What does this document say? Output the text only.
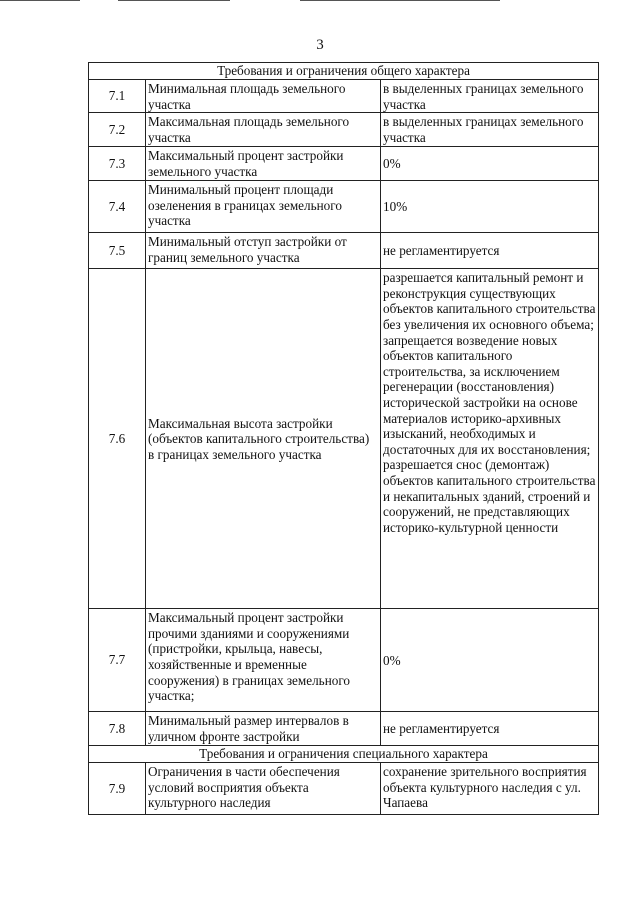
3
Требования и ограничения общего характера		
7.1	Минимальная площадь земельного участка	в выделенных границах земельного участка
7.2	Максимальная площадь земельного участка	в выделенных границах земельного участка
7.3	Максимальный процент застройки земельного участка	0%
7.4	Минимальный процент площади озеленения в границах земельного участка	10%
7.5	Минимальный отступ застройки от границ земельного участка	не регламентируется
7.6	Максимальная высота застройки (объектов капитального строительства) в границах земельного участка	разрешается капитальный ремонт и реконструкция существующих объектов капитального строительства без увеличения их основного объема; запрещается возведение новых объектов капитального строительства, за исключением регенерации (восстановления) исторической застройки на основе материалов историко-архивных изысканий, необходимых и достаточных для их восстановления; разрешается снос (демонтаж) объектов капитального строительства и некапитальных зданий, строений и сооружений, не представляющих историко-культурной ценности
7.7	Максимальный процент застройки прочими зданиями и сооружениями (пристройки, крыльца, навесы, хозяйственные и временные сооружения) в границах земельного участка;	0%
7.8	Минимальный размер интервалов в уличном фронте застройки	не регламентируется
Требования и ограничения специального характера		
7.9	Ограничения в части обеспечения условий восприятия объекта культурного наследия	сохранение зрительного восприятия объекта культурного наследия с ул. Чапаева
